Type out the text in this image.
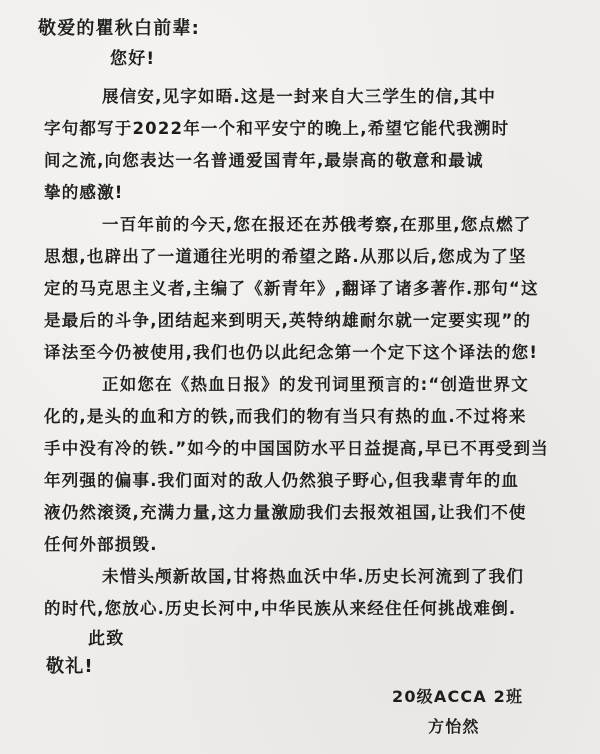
敬爱的瞿秋白前辈:
您好!
展信安,见字如晤.这是一封来自大三学生的信,其中
字句都写于2022年一个和平安宁的晚上,希望它能代我溯时
间之流,向您表达一名普通爱国青年,最崇高的敬意和最诚
挚的感激!
一百年前的今天,您在报还在苏俄考察,在那里,您点燃了
思想,也辟出了一道通往光明的希望之路.从那以后,您成为了坚
定的马克思主义者,主编了《新青年》,翻译了诸多著作.那句“这
是最后的斗争,团结起来到明天,英特纳雄耐尔就一定要实现”的
译法至今仍被使用,我们也仍以此纪念第一个定下这个译法的您!
正如您在《热血日报》的发刊词里预言的:“创造世界文
化的,是头的血和方的铁,而我们的物有当只有热的血.不过将来
手中没有冷的铁.”如今的中国国防水平日益提高,早已不再受到当
年列强的偏事.我们面对的敌人仍然狼子野心,但我辈青年的血
液仍然滚烫,充满力量,这力量激励我们去报效祖国,让我们不使
任何外部损毁.
未惜头颅新故国,甘将热血沃中华.历史长河流到了我们
的时代,您放心.历史长河中,中华民族从来经住任何挑战难倒.
此致
敬礼!
20级ACCA 2班
方怡然
